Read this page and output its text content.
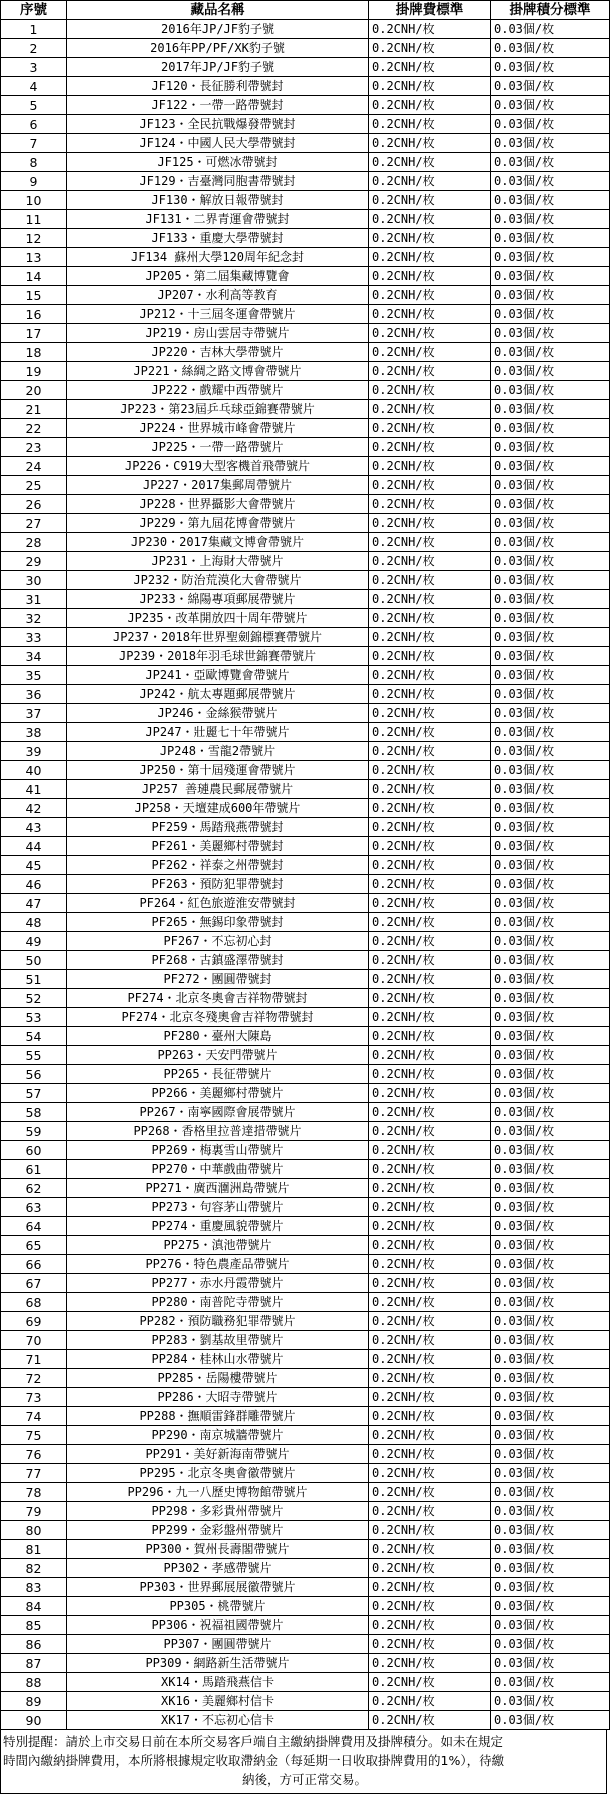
序號	藏品名稱	掛牌費標準	掛牌積分標準
1	2016年JP/JF豹子號	0.2CNH/枚	0.03個/枚
2	2016年PP/PF/XK豹子號	0.2CNH/枚	0.03個/枚
3	2017年JP/JF豹子號	0.2CNH/枚	0.03個/枚
4	JF120・長征勝利帶號封	0.2CNH/枚	0.03個/枚
5	JF122・一帶一路帶號封	0.2CNH/枚	0.03個/枚
6	JF123・全民抗戰爆發帶號封	0.2CNH/枚	0.03個/枚
7	JF124・中國人民大學帶號封	0.2CNH/枚	0.03個/枚
8	JF125・可燃冰帶號封	0.2CNH/枚	0.03個/枚
9	JF129・吉臺灣同胞書帶號封	0.2CNH/枚	0.03個/枚
10	JF130・解放日報帶號封	0.2CNH/枚	0.03個/枚
11	JF131・二界青運會帶號封	0.2CNH/枚	0.03個/枚
12	JF133・重慶大學帶號封	0.2CNH/枚	0.03個/枚
13	JF134 蘇州大學120周年紀念封	0.2CNH/枚	0.03個/枚
14	JP205・第二屆集藏博覽會	0.2CNH/枚	0.03個/枚
15	JP207・水利高等教育	0.2CNH/枚	0.03個/枚
16	JP212・十三屆冬運會帶號片	0.2CNH/枚	0.03個/枚
17	JP219・房山雲居寺帶號片	0.2CNH/枚	0.03個/枚
18	JP220・吉林大學帶號片	0.2CNH/枚	0.03個/枚
19	JP221・絲綢之路文博會帶號片	0.2CNH/枚	0.03個/枚
20	JP222・戲耀中西帶號片	0.2CNH/枚	0.03個/枚
21	JP223・第23屆乒乓球亞錦賽帶號片	0.2CNH/枚	0.03個/枚
22	JP224・世界城市峰會帶號片	0.2CNH/枚	0.03個/枚
23	JP225・一帶一路帶號片	0.2CNH/枚	0.03個/枚
24	JP226・C919大型客機首飛帶號片	0.2CNH/枚	0.03個/枚
25	JP227・2017集郵周帶號片	0.2CNH/枚	0.03個/枚
26	JP228・世界攝影大會帶號片	0.2CNH/枚	0.03個/枚
27	JP229・第九屆花博會帶號片	0.2CNH/枚	0.03個/枚
28	JP230・2017集藏文博會帶號片	0.2CNH/枚	0.03個/枚
29	JP231・上海財大帶號片	0.2CNH/枚	0.03個/枚
30	JP232・防治荒漠化大會帶號片	0.2CNH/枚	0.03個/枚
31	JP233・綿陽專項郵展帶號片	0.2CNH/枚	0.03個/枚
32	JP235・改革開放四十周年帶號片	0.2CNH/枚	0.03個/枚
33	JP237・2018年世界聖劍錦標賽帶號片	0.2CNH/枚	0.03個/枚
34	JP239・2018年羽毛球世錦賽帶號片	0.2CNH/枚	0.03個/枚
35	JP241・亞歐博覽會帶號片	0.2CNH/枚	0.03個/枚
36	JP242・航太專題郵展帶號片	0.2CNH/枚	0.03個/枚
37	JP246・金絲猴帶號片	0.2CNH/枚	0.03個/枚
38	JP247・壯麗七十年帶號片	0.2CNH/枚	0.03個/枚
39	JP248・雪龍2帶號片	0.2CNH/枚	0.03個/枚
40	JP250・第十屆殘運會帶號片	0.2CNH/枚	0.03個/枚
41	JP257 善璉農民郵展帶號片	0.2CNH/枚	0.03個/枚
42	JP258・天壇建成600年帶號片	0.2CNH/枚	0.03個/枚
43	PF259・馬踏飛燕帶號封	0.2CNH/枚	0.03個/枚
44	PF261・美麗鄉村帶號封	0.2CNH/枚	0.03個/枚
45	PF262・祥泰之州帶號封	0.2CNH/枚	0.03個/枚
46	PF263・預防犯罪帶號封	0.2CNH/枚	0.03個/枚
47	PF264・紅色旅遊淮安帶號封	0.2CNH/枚	0.03個/枚
48	PF265・無錫印象帶號封	0.2CNH/枚	0.03個/枚
49	PF267・不忘初心封	0.2CNH/枚	0.03個/枚
50	PF268・古鎮盛澤帶號封	0.2CNH/枚	0.03個/枚
51	PF272・團圓帶號封	0.2CNH/枚	0.03個/枚
52	PF274・北京冬奧會吉祥物帶號封	0.2CNH/枚	0.03個/枚
53	PF274・北京冬殘奧會吉祥物帶號封	0.2CNH/枚	0.03個/枚
54	PF280・臺州大陳島	0.2CNH/枚	0.03個/枚
55	PP263・天安門帶號片	0.2CNH/枚	0.03個/枚
56	PP265・長征帶號片	0.2CNH/枚	0.03個/枚
57	PP266・美麗鄉村帶號片	0.2CNH/枚	0.03個/枚
58	PP267・南寧國際會展帶號片	0.2CNH/枚	0.03個/枚
59	PP268・香格里拉普達措帶號片	0.2CNH/枚	0.03個/枚
60	PP269・梅裏雪山帶號片	0.2CNH/枚	0.03個/枚
61	PP270・中華戲曲帶號片	0.2CNH/枚	0.03個/枚
62	PP271・廣西潿洲島帶號片	0.2CNH/枚	0.03個/枚
63	PP273・句容茅山帶號片	0.2CNH/枚	0.03個/枚
64	PP274・重慶風貌帶號片	0.2CNH/枚	0.03個/枚
65	PP275・滇池帶號片	0.2CNH/枚	0.03個/枚
66	PP276・特色農產品帶號片	0.2CNH/枚	0.03個/枚
67	PP277・赤水丹霞帶號片	0.2CNH/枚	0.03個/枚
68	PP280・南普陀寺帶號片	0.2CNH/枚	0.03個/枚
69	PP282・預防職務犯罪帶號片	0.2CNH/枚	0.03個/枚
70	PP283・劉基故里帶號片	0.2CNH/枚	0.03個/枚
71	PP284・桂林山水帶號片	0.2CNH/枚	0.03個/枚
72	PP285・岳陽樓帶號片	0.2CNH/枚	0.03個/枚
73	PP286・大昭寺帶號片	0.2CNH/枚	0.03個/枚
74	PP288・撫順雷鋒群雕帶號片	0.2CNH/枚	0.03個/枚
75	PP290・南京城牆帶號片	0.2CNH/枚	0.03個/枚
76	PP291・美好新海南帶號片	0.2CNH/枚	0.03個/枚
77	PP295・北京冬奧會徽帶號片	0.2CNH/枚	0.03個/枚
78	PP296・九一八歷史博物館帶號片	0.2CNH/枚	0.03個/枚
79	PP298・多彩貴州帶號片	0.2CNH/枚	0.03個/枚
80	PP299・金彩盤州帶號片	0.2CNH/枚	0.03個/枚
81	PP300・賀州長壽閣帶號片	0.2CNH/枚	0.03個/枚
82	PP302・孝感帶號片	0.2CNH/枚	0.03個/枚
83	PP303・世界郵展展徽帶號片	0.2CNH/枚	0.03個/枚
84	PP305・桃帶號片	0.2CNH/枚	0.03個/枚
85	PP306・祝福祖國帶號片	0.2CNH/枚	0.03個/枚
86	PP307・團圓帶號片	0.2CNH/枚	0.03個/枚
87	PP309・網路新生活帶號片	0.2CNH/枚	0.03個/枚
88	XK14・馬踏飛燕信卡	0.2CNH/枚	0.03個/枚
89	XK16・美麗鄉村信卡	0.2CNH/枚	0.03個/枚
90	XK17・不忘初心信卡	0.2CNH/枚	0.03個/枚
特別提醒：請於上市交易日前在本所交易客戶端自主繳納掛牌費用及掛牌積分。如未在規定
時間內繳納掛牌費用，本所將根據規定收取滯納金（每延期一日收取掛牌費用的1%），待繳
納後，方可正常交易。
